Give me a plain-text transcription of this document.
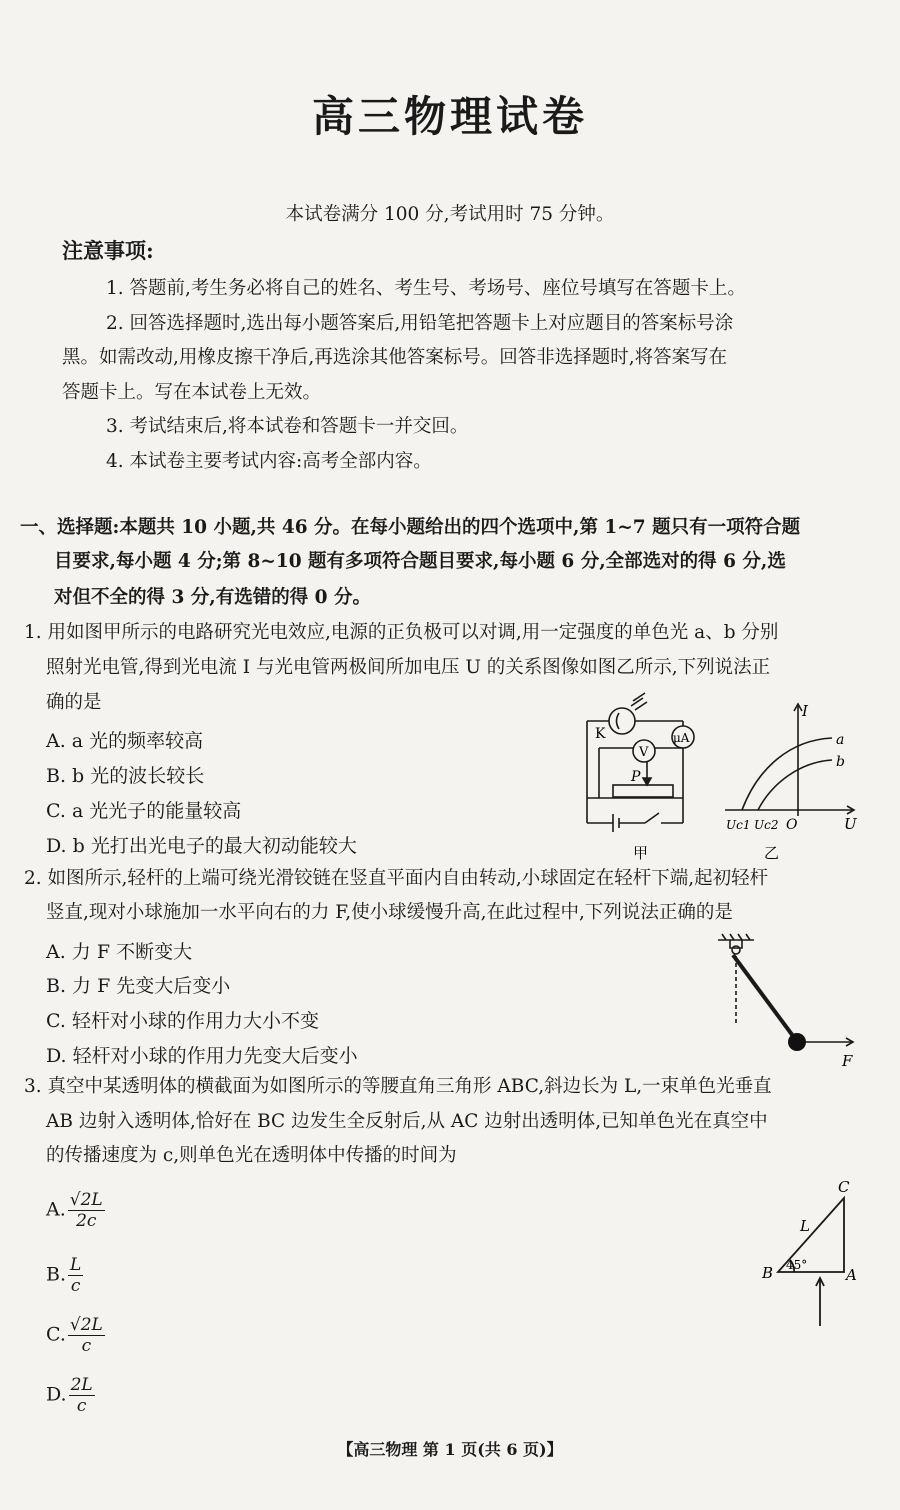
高三物理试卷
本试卷满分 100 分,考试用时 75 分钟。
注意事项:
1. 答题前,考生务必将自己的姓名、考生号、考场号、座位号填写在答题卡上。
2. 回答选择题时,选出每小题答案后,用铅笔把答题卡上对应题目的答案标号涂
黑。如需改动,用橡皮擦干净后,再选涂其他答案标号。回答非选择题时,将答案写在
答题卡上。写在本试卷上无效。
3. 考试结束后,将本试卷和答题卡一并交回。
4. 本试卷主要考试内容:高考全部内容。
一、选择题:本题共 10 小题,共 46 分。在每小题给出的四个选项中,第 1~7 题只有一项符合题
目要求,每小题 4 分;第 8~10 题有多项符合题目要求,每小题 6 分,全部选对的得 6 分,选
对但不全的得 3 分,有选错的得 0 分。
1. 用如图甲所示的电路研究光电效应,电源的正负极可以对调,用一定强度的单色光 a、b 分别
照射光电管,得到光电流 I 与光电管两极间所加电压 U 的关系图像如图乙所示,下列说法正
确的是
A. a 光的频率较高
B. b 光的波长较长
C. a 光光子的能量较高
D. b 光打出光电子的最大初动能较大
K	μA
V
P
甲
I
a
b
Uc1 Uc2 O	U
乙
2. 如图所示,轻杆的上端可绕光滑铰链在竖直平面内自由转动,小球固定在轻杆下端,起初轻杆
竖直,现对小球施加一水平向右的力 F,使小球缓慢升高,在此过程中,下列说法正确的是
A. 力 F 不断变大
B. 力 F 先变大后变小
C. 轻杆对小球的作用力大小不变
D. 轻杆对小球的作用力先变大后变小	F
3. 真空中某透明体的横截面为如图所示的等腰直角三角形 ABC,斜边长为 L,一束单色光垂直
AB 边射入透明体,恰好在 BC 边发生全反射后,从 AC 边射出透明体,已知单色光在真空中
的传播速度为 c,则单色光在透明体中传播的时间为
A. $\frac{√2L}{2c}$
B. $\frac{L}{c}$
C. $\frac{√2L}{c}$
D. $\frac{2L}{c}$
C
L
B 45°
A
【高三物理 第 1 页(共 6 页)】
